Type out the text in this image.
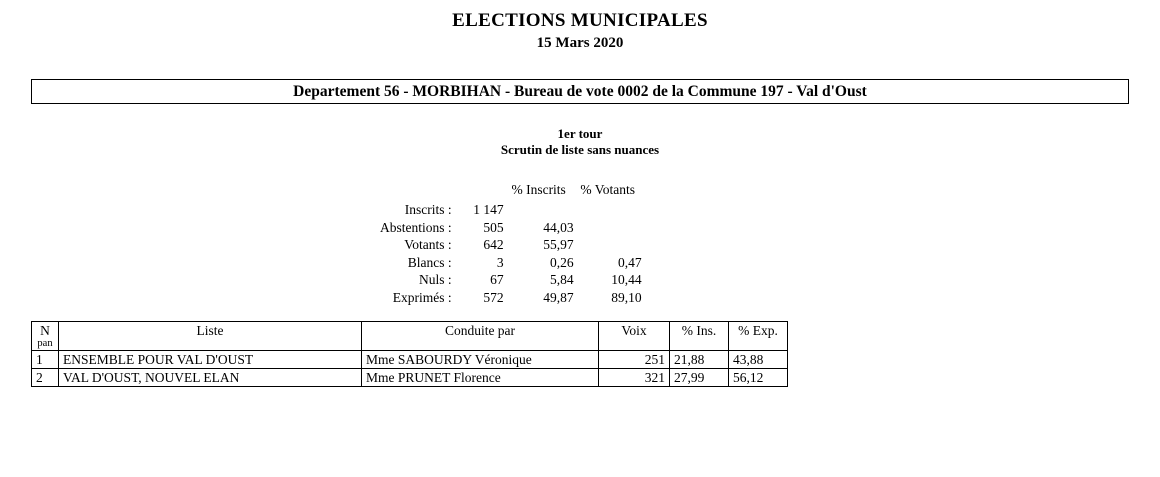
ELECTIONS MUNICIPALES
15 Mars 2020
Departement 56 - MORBIHAN - Bureau de vote 0002 de la Commune 197 - Val d'Oust
1er tour
Scrutin de liste sans nuances
		% Inscrits	% Votants
Inscrits :	1 147		
Abstentions :	505	44,03	
Votants :	642	55,97	
Blancs :	3	0,26	0,47
Nuls :	67	5,84	10,44
Exprimés :	572	49,87	89,10
N
pan	Liste	Conduite par	Voix	% Ins.	% Exp.
1	ENSEMBLE POUR VAL D'OUST	Mme SABOURDY Véronique	251	21,88	43,88
2	VAL D'OUST, NOUVEL ELAN	Mme PRUNET Florence	321	27,99	56,12
